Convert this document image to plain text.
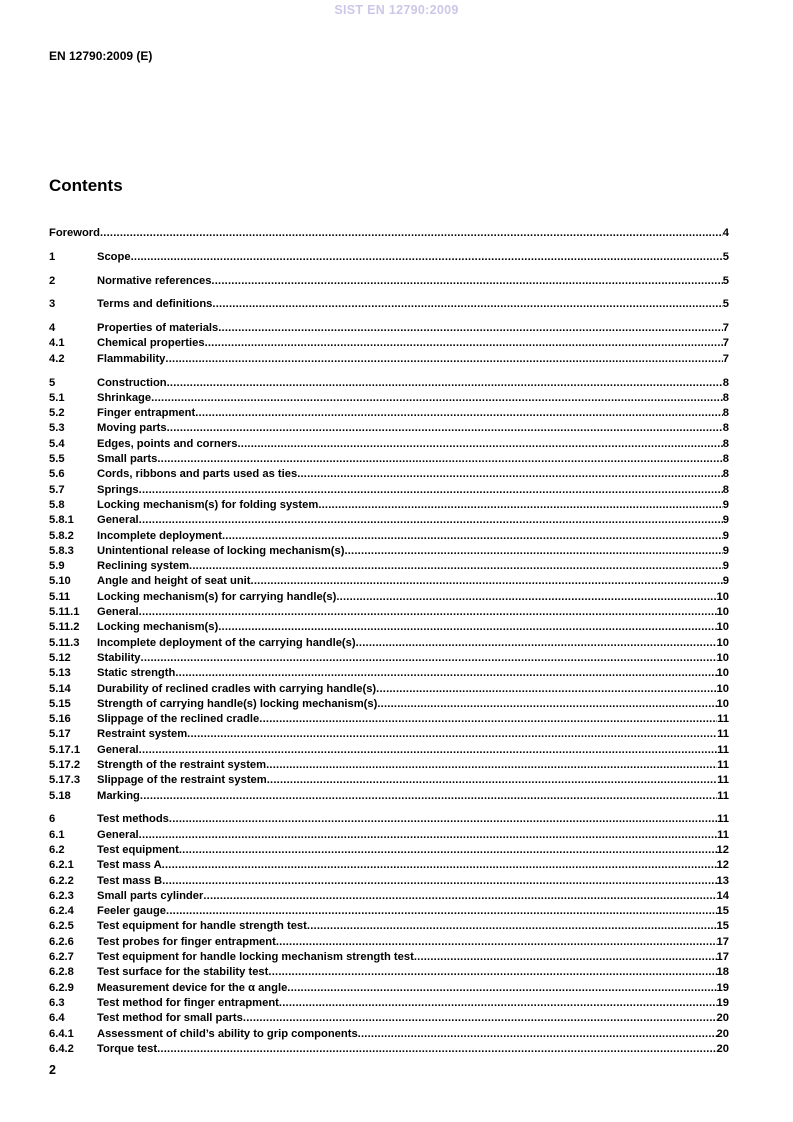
SIST EN 12790:2009
EN 12790:2009 (E)
Contents
Foreword .....	4
1	Scope .....	5
2	Normative references .....	5
3	Terms and definitions .....	5
4	Properties of materials .....	7
4.1	Chemical properties .....	7
4.2	Flammability .....	7
5	Construction .....	8
5.1	Shrinkage .....	8
5.2	Finger entrapment .....	8
5.3	Moving parts .....	8
5.4	Edges, points and corners .....	8
5.5	Small parts .....	8
5.6	Cords, ribbons and parts used as ties .....	8
5.7	Springs .....	8
5.8	Locking mechanism(s) for folding system .....	9
5.8.1	General .....	9
5.8.2	Incomplete deployment .....	9
5.8.3	Unintentional release of locking mechanism(s) .....	9
5.9	Reclining system .....	9
5.10	Angle and height of seat unit .....	9
5.11	Locking mechanism(s) for carrying handle(s) .....	10
5.11.1	General .....	10
5.11.2	Locking mechanism(s) .....	10
5.11.3	Incomplete deployment of the carrying handle(s) .....	10
5.12	Stability .....	10
5.13	Static strength .....	10
5.14	Durability of reclined cradles with carrying handle(s) .....	10
5.15	Strength of carrying handle(s) locking mechanism(s) .....	10
5.16	Slippage of the reclined cradle .....	11
5.17	Restraint system .....	11
5.17.1	General .....	11
5.17.2	Strength of the restraint system .....	11
5.17.3	Slippage of the restraint system .....	11
5.18	Marking .....	11
6	Test methods .....	11
6.1	General .....	11
6.2	Test equipment .....	12
6.2.1	Test mass A .....	12
6.2.2	Test mass B .....	13
6.2.3	Small parts cylinder .....	14
6.2.4	Feeler gauge .....	15
6.2.5	Test equipment for handle strength test .....	15
6.2.6	Test probes for finger entrapment .....	17
6.2.7	Test equipment for handle locking mechanism strength test .....	17
6.2.8	Test surface for the stability test .....	18
6.2.9	Measurement device for the α angle .....	19
6.3	Test method for finger entrapment .....	19
6.4	Test method for small parts .....	20
6.4.1	Assessment of child’s ability to grip components .....	20
6.4.2	Torque test .....	20
2
